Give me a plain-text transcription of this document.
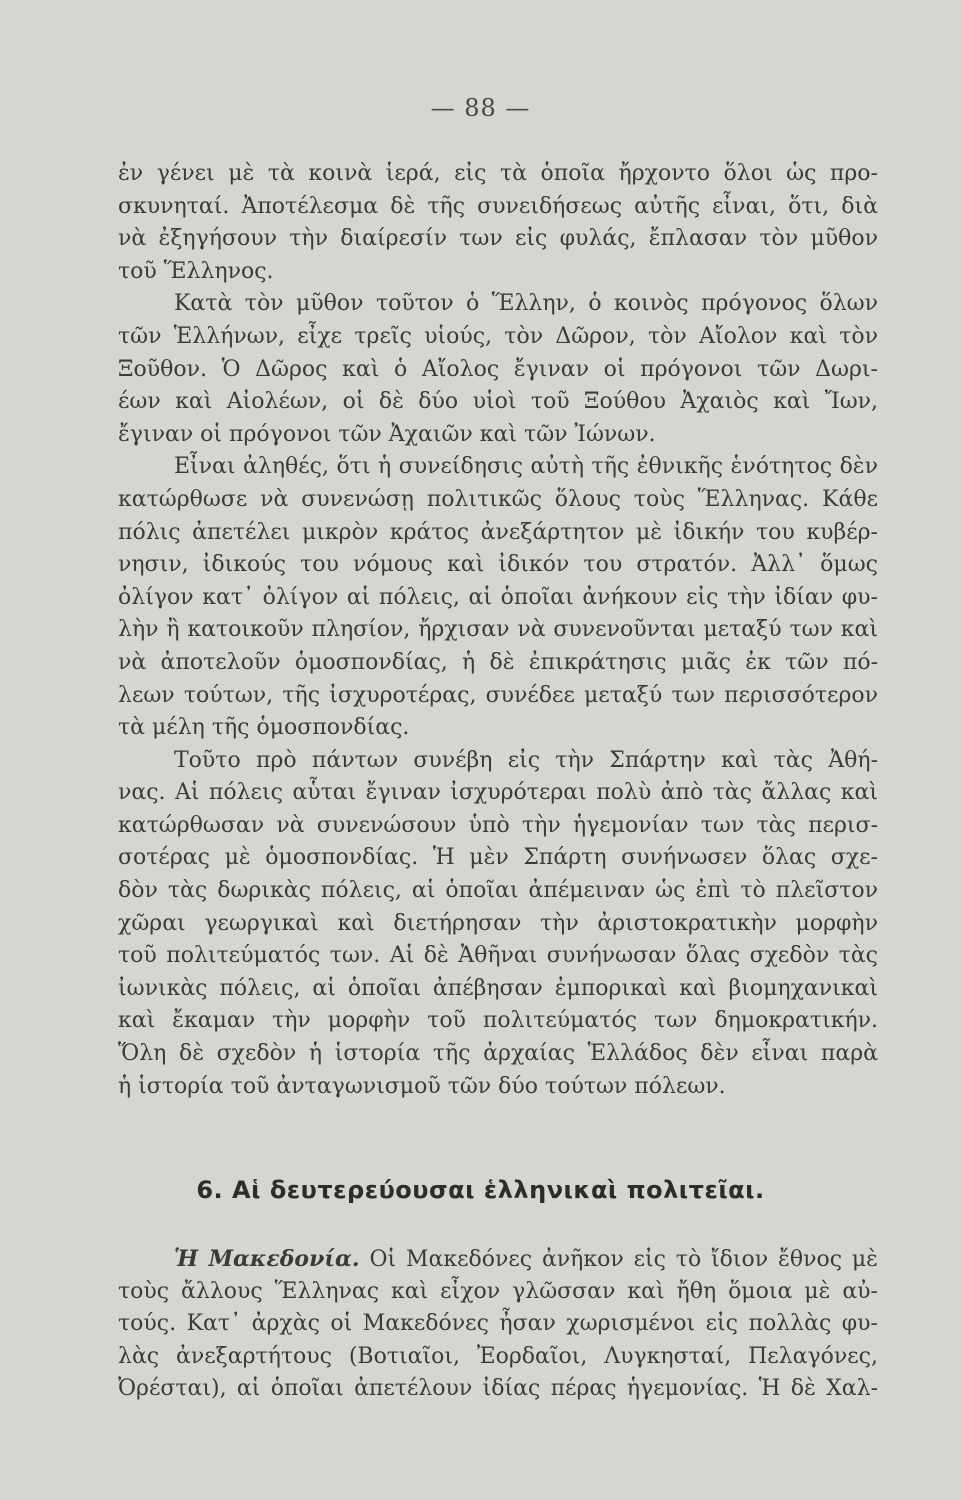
— 88 —
ἐν γένει μὲ τὰ κοινὰ ἱερά, εἰς τὰ ὁποῖα ἤρχοντο ὅλοι ὡς προ-
σκυνηταί. Ἀποτέλεσμα δὲ τῆς συνειδήσεως αὐτῆς εἶναι, ὅτι, διὰ
νὰ ἐξηγήσουν τὴν διαίρεσίν των εἰς φυλάς, ἔπλασαν τὸν μῦθον
τοῦ Ἕλληνος.
Κατὰ τὸν μῦθον τοῦτον ὁ Ἕλλην, ὁ κοινὸς πρόγονος ὅλων
τῶν Ἑλλήνων, εἶχε τρεῖς υἱούς, τὸν Δῶρον, τὸν Αἴολον καὶ τὸν
Ξοῦθον. Ὁ Δῶρος καὶ ὁ Αἴολος ἔγιναν οἱ πρόγονοι τῶν Δωρι-
έων καὶ Αἰολέων, οἱ δὲ δύο υἱοὶ τοῦ Ξούθου Ἀχαιὸς καὶ Ἴων,
ἔγιναν οἱ πρόγονοι τῶν Ἀχαιῶν καὶ τῶν Ἰώνων.
Εἶναι ἀληθές, ὅτι ἡ συνείδησις αὐτὴ τῆς ἐθνικῆς ἑνότητος δὲν
κατώρθωσε νὰ συνενώσῃ πολιτικῶς ὅλους τοὺς Ἕλληνας. Κάθε
πόλις ἀπετέλει μικρὸν κράτος ἀνεξάρτητον μὲ ἰδικήν του κυβέρ-
νησιν, ἰδικούς του νόμους καὶ ἰδικόν του στρατόν. Ἀλλ᾽ ὅμως
ὀλίγον κατ᾽ ὀλίγον αἱ πόλεις, αἱ ὁποῖαι ἀνήκουν εἰς τὴν ἰδίαν φυ-
λὴν ἢ κατοικοῦν πλησίον, ἤρχισαν νὰ συνενοῦνται μεταξύ των καὶ
νὰ ἀποτελοῦν ὁμοσπονδίας, ἡ δὲ ἐπικράτησις μιᾶς ἐκ τῶν πό-
λεων τούτων, τῆς ἰσχυροτέρας, συνέδεε μεταξύ των περισσότερον
τὰ μέλη τῆς ὁμοσπονδίας.
Τοῦτο πρὸ πάντων συνέβη εἰς τὴν Σπάρτην καὶ τὰς Ἀθή-
νας. Αἱ πόλεις αὗται ἔγιναν ἰσχυρότεραι πολὺ ἀπὸ τὰς ἄλλας καὶ
κατώρθωσαν νὰ συνενώσουν ὑπὸ τὴν ἡγεμονίαν των τὰς περισ-
σοτέρας μὲ ὁμοσπονδίας. Ἡ μὲν Σπάρτη συνήνωσεν ὅλας σχε-
δὸν τὰς δωρικὰς πόλεις, αἱ ὁποῖαι ἀπέμειναν ὡς ἐπὶ τὸ πλεῖστον
χῶραι γεωργικαὶ καὶ διετήρησαν τὴν ἀριστοκρατικὴν μορφὴν
τοῦ πολιτεύματός των. Αἱ δὲ Ἀθῆναι συνήνωσαν ὅλας σχεδὸν τὰς
ἰωνικὰς πόλεις, αἱ ὁποῖαι ἀπέβησαν ἐμπορικαὶ καὶ βιομηχανικαὶ
καὶ ἔκαμαν τὴν μορφὴν τοῦ πολιτεύματός των δημοκρατικήν.
Ὅλη δὲ σχεδὸν ἡ ἱστορία τῆς ἀρχαίας Ἑλλάδος δὲν εἶναι παρὰ
ἡ ἱστορία τοῦ ἀνταγωνισμοῦ τῶν δύο τούτων πόλεων.
6. Αἱ δευτερεύουσαι ἑλληνικαὶ πολιτεῖαι.
Ἡ Μακεδονία. Οἱ Μακεδόνες ἀνῆκον εἰς τὸ ἴδιον ἔθνος μὲ
τοὺς ἄλλους Ἕλληνας καὶ εἶχον γλῶσσαν καὶ ἤθη ὅμοια μὲ αὐ-
τούς. Κατ᾽ ἀρχὰς οἱ Μακεδόνες ἦσαν χωρισμένοι εἰς πολλὰς φυ-
λὰς ἀνεξαρτήτους (Βοτιαῖοι, Ἐορδαῖοι, Λυγκησταί, Πελαγόνες,
Ὀρέσται), αἱ ὁποῖαι ἀπετέλουν ἰδίας πέρας ἡγεμονίας. Ἡ δὲ Χαλ-
